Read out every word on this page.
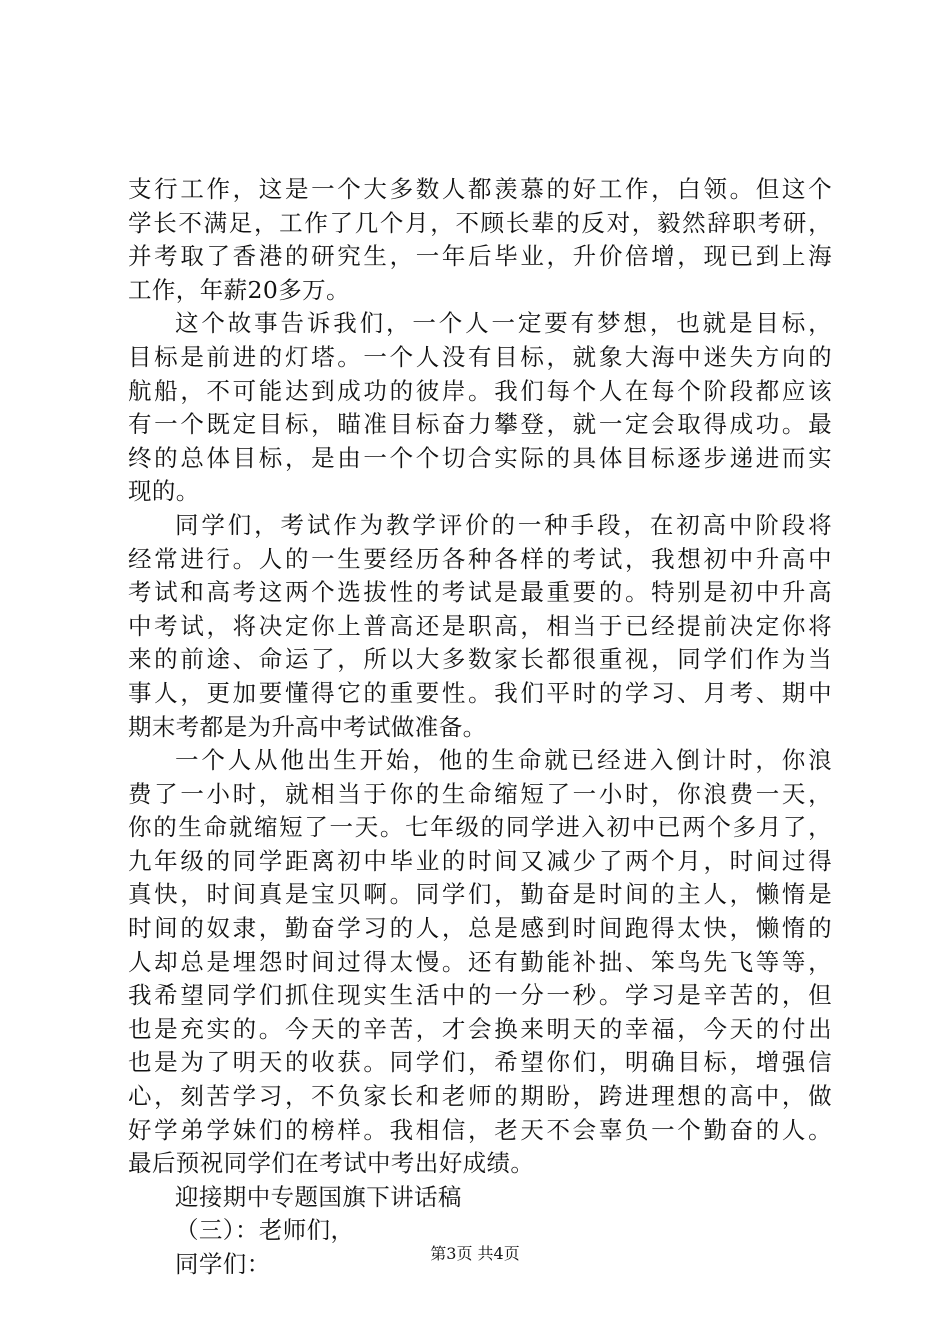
支行工作，这是一个大多数人都羡慕的好工作，白领。但这个
学长不满足，工作了几个月，不顾长辈的反对，毅然辞职考研，
并考取了香港的研究生，一年后毕业，升价倍增，现已到上海
工作，年薪20多万。
这个故事告诉我们，一个人一定要有梦想，也就是目标，
目标是前进的灯塔。一个人没有目标，就象大海中迷失方向的
航船，不可能达到成功的彼岸。我们每个人在每个阶段都应该
有一个既定目标，瞄准目标奋力攀登，就一定会取得成功。最
终的总体目标，是由一个个切合实际的具体目标逐步递进而实
现的。
同学们，考试作为教学评价的一种手段，在初高中阶段将
经常进行。人的一生要经历各种各样的考试，我想初中升高中
考试和高考这两个选拔性的考试是最重要的。特别是初中升高
中考试，将决定你上普高还是职高，相当于已经提前决定你将
来的前途、命运了，所以大多数家长都很重视，同学们作为当
事人，更加要懂得它的重要性。我们平时的学习、月考、期中
期末考都是为升高中考试做准备。
一个人从他出生开始，他的生命就已经进入倒计时，你浪
费了一小时，就相当于你的生命缩短了一小时，你浪费一天，
你的生命就缩短了一天。七年级的同学进入初中已两个多月了，
九年级的同学距离初中毕业的时间又减少了两个月，时间过得
真快，时间真是宝贝啊。同学们，勤奋是时间的主人，懒惰是
时间的奴隶，勤奋学习的人，总是感到时间跑得太快，懒惰的
人却总是埋怨时间过得太慢。还有勤能补拙、笨鸟先飞等等，
我希望同学们抓住现实生活中的一分一秒。学习是辛苦的，但
也是充实的。今天的辛苦，才会换来明天的幸福，今天的付出
也是为了明天的收获。同学们，希望你们，明确目标，增强信
心，刻苦学习，不负家长和老师的期盼，跨进理想的高中，做
好学弟学妹们的榜样。我相信，老天不会辜负一个勤奋的人。
最后预祝同学们在考试中考出好成绩。
迎接期中专题国旗下讲话稿
（三）：老师们，
同学们：	第3页 共4页
